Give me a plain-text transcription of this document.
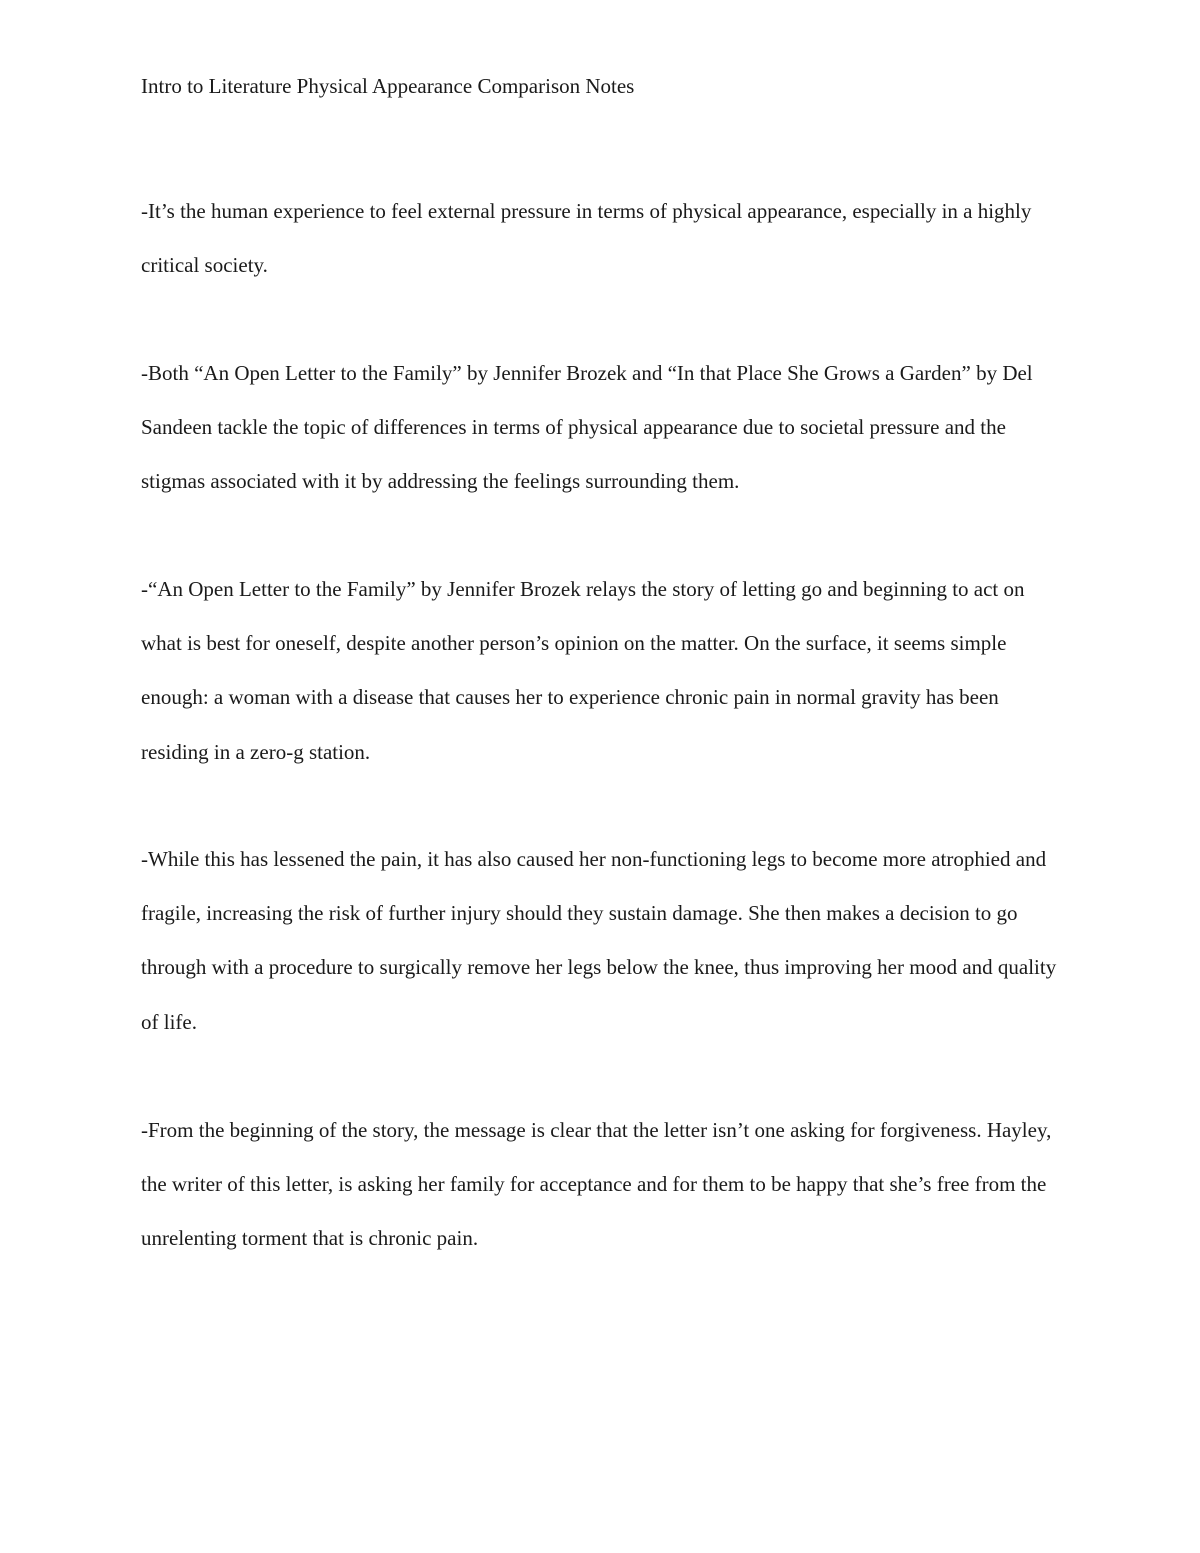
Intro to Literature Physical Appearance Comparison Notes

-It’s the human experience to feel external pressure in terms of physical appearance, especially in a highly critical society.

-Both “An Open Letter to the Family” by Jennifer Brozek and “In that Place She Grows a Garden” by Del Sandeen tackle the topic of differences in terms of physical appearance due to societal pressure and the stigmas associated with it by addressing the feelings surrounding them.

-“An Open Letter to the Family” by Jennifer Brozek relays the story of letting go and beginning to act on what is best for oneself, despite another person’s opinion on the matter. On the surface, it seems simple enough: a woman with a disease that causes her to experience chronic pain in normal gravity has been residing in a zero-g station.

-While this has lessened the pain, it has also caused her non-functioning legs to become more atrophied and fragile, increasing the risk of further injury should they sustain damage. She then makes a decision to go through with a procedure to surgically remove her legs below the knee, thus improving her mood and quality of life.

-From the beginning of the story, the message is clear that the letter isn’t one asking for forgiveness. Hayley, the writer of this letter, is asking her family for acceptance and for them to be happy that she’s free from the unrelenting torment that is chronic pain.
